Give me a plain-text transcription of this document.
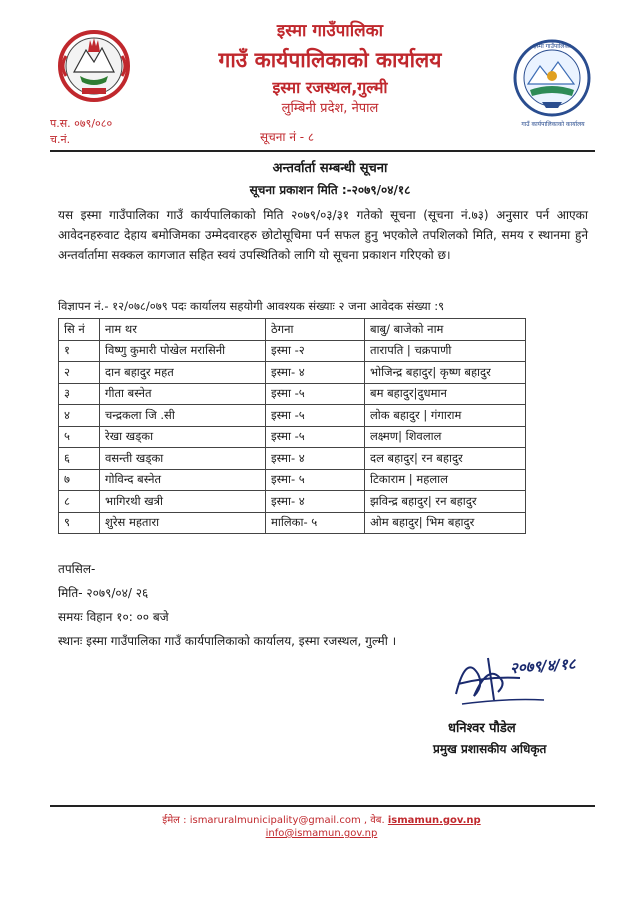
इस्मा गाउँपालिका
गाउँ कार्यपालिकाको कार्यालय
इस्मा गाउँपालिका
गाउँ कार्यपालिकाको कार्यालय
इस्मा रजस्थल,गुल्मी
लुम्बिनी प्रदेश, नेपाल
प.स. ०७९/०८०
च.नं.	सूचना नं - ८
अन्तर्वार्ता सम्बन्धी सूचना
सूचना प्रकाशन मिति :-२०७९/०४/१८
यस इस्मा गाउँपालिका गाउँ कार्यपालिकाको मिति २०७९/०३/३१ गतेको सूचना (सूचना नं.७३) अनुसार पर्न आएका आवेदनहरुवाट देहाय बमोजिमका उम्मेदवारहरु छोटोसूचिमा पर्न सफल हुनु भएकोले तपशिलको मिति, समय र स्थानमा हुने अन्तर्वार्तामा सक्कल कागजात सहित स्वयं उपस्थितिको लागि यो सूचना प्रकाशन गरिएको छ।
विज्ञापन नं.- १२/०७८/०७९ पदः कार्यालय सहयोगी आवश्यक संख्याः २ जना आवेदक संख्या :९
सि नं	नाम थर	ठेगना	बाबु/ बाजेको नाम
१	विष्णु कुमारी पोखेल मरासिनी	इस्मा -२	तारापति | चक्रपाणी
२	दान बहादुर महत	इस्मा- ४	भोजिन्द्र बहादुर| कृष्ण बहादुर
३	गीता बस्नेत	इस्मा -५	बम बहादुर|दुधमान
४	चन्द्रकला जि .सी	इस्मा -५	लोक बहादुर | गंगाराम
५	रेखा खड्का	इस्मा -५	लक्ष्मण| शिवलाल
६	वसन्ती खड्का	इस्मा- ४	दल बहादुर| रन बहादुर
७	गोविन्द बस्नेत	इस्मा- ५	टिकाराम | महलाल
८	भागिरथी खत्री	इस्मा- ४	झविन्द्र बहादुर| रन बहादुर
९	शुरेस महतारा	मालिका- ५	ओम बहादुर| भिम बहादुर
तपसिल-
मिति- २०७९/०४/ २६
समयः विहान १०: ०० बजे
स्थानः इस्मा गाउँपालिका गाउँ कार्यपालिकाको कार्यालय, इस्मा रजस्थल, गुल्मी ।
२०७९/४/१८
धनिश्वर पौडेल
प्रमुख प्रशासकीय अधिकृत
ईमेल : ismaruralmunicipality@gmail.com , वेब. ismamun.gov.np
info@ismamun.gov.np
